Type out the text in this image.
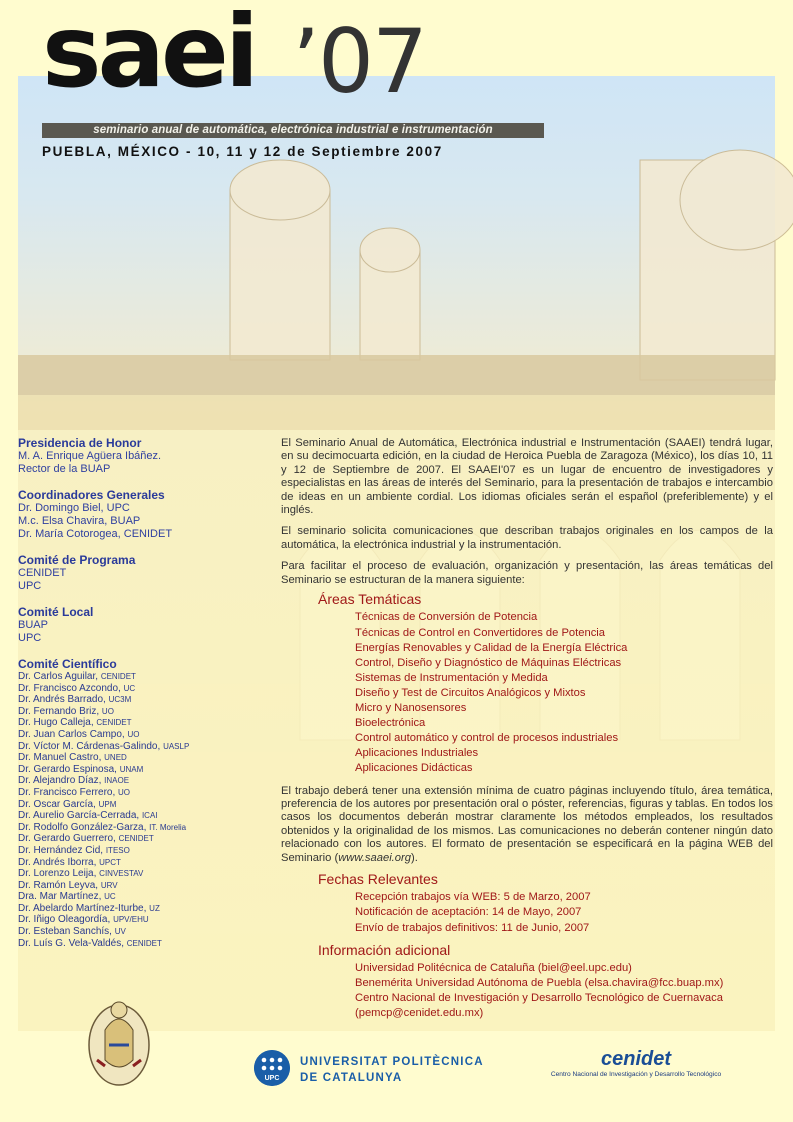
saei ’07
seminario anual de automática, electrónica industrial e instrumentación
PUEBLA, MÉXICO - 10, 11 y 12 de Septiembre 2007
Presidencia de Honor
M. A. Enrique Agüera Ibáñez.
Rector de la BUAP
Coordinadores Generales
Dr. Domingo Biel, UPC
M.c. Elsa Chavira, BUAP
Dr. María Cotorogea, CENIDET
Comité de Programa
CENIDET
UPC
Comité Local
BUAP
UPC
Comité Científico
Dr. Carlos Aguilar, CENIDET
Dr. Francisco Azcondo, UC
Dr. Andrés Barrado, UC3M
Dr. Fernando Briz, UO
Dr. Hugo Calleja, CENIDET
Dr. Juan Carlos Campo, UO
Dr. Víctor M. Cárdenas-Galindo, UASLP
Dr. Manuel Castro, UNED
Dr. Gerardo Espinosa, UNAM
Dr. Alejandro Díaz, INAOE
Dr. Francisco Ferrero, UO
Dr. Oscar García, UPM
Dr. Aurelio García-Cerrada, ICAI
Dr. Rodolfo González-Garza, IT. Morelia
Dr. Gerardo Guerrero, CENIDET
Dr. Hernández Cid, ITESO
Dr. Andrés Iborra, UPCT
Dr. Lorenzo Leija, CINVESTAV
Dr. Ramón Leyva, URV
Dra. Mar Martínez, UC
Dr. Abelardo Martínez-Iturbe, UZ
Dr. Iñigo Oleagordía, UPV/EHU
Dr. Esteban Sanchís, UV
Dr. Luís G. Vela-Valdés, CENIDET

El Seminario Anual de Automática, Electrónica industrial e Instrumentación (SAAEI) tendrá lugar, en su decimocuarta edición, en la ciudad de Heroica Puebla de Zaragoza (México), los días 10, 11 y 12 de Septiembre de 2007. El SAAEI'07 es un lugar de encuentro de investigadores y especialistas en las áreas de interés del Seminario, para la presentación de trabajos e intercambio de ideas en un ambiente cordial. Los idiomas oficiales serán el español (preferiblemente) y el inglés.

El seminario solicita comunicaciones que describan trabajos originales en los campos de la automática, la electrónica industrial y la instrumentación.

Para facilitar el proceso de evaluación, organización y presentación, las áreas temáticas del Seminario se estructuran de la manera siguiente:

Áreas Temáticas
Técnicas de Conversión de Potencia
Técnicas de Control en Convertidores de Potencia
Energías Renovables y Calidad de la Energía Eléctrica
Control, Diseño y Diagnóstico de Máquinas Eléctricas
Sistemas de Instrumentación y Medida
Diseño y Test de Circuitos Analógicos y Mixtos
Micro y Nanosensores
Bioelectrónica
Control automático y control de procesos industriales
Aplicaciones Industriales
Aplicaciones Didácticas

El trabajo deberá tener una extensión mínima de cuatro páginas incluyendo título, área temática, preferencia de los autores por presentación oral o póster, referencias, figuras y tablas. En todos los casos los documentos deberán mostrar claramente los métodos empleados, los resultados obtenidos y la originalidad de los mismos. Las comunicaciones no deberán contener ningún dato relacionado con los autores. El formato de presentación se especificará en la página WEB del Seminario (www.saaei.org).

Fechas Relevantes
Recepción trabajos vía WEB: 5 de Marzo, 2007
Notificación de aceptación: 14 de Mayo, 2007
Envío de trabajos definitivos: 11 de Junio, 2007
Información adicional
Universidad Politécnica de Cataluña (biel@eel.upc.edu)
Benemérita Universidad Autónoma de Puebla (elsa.chavira@fcc.buap.mx)
Centro Nacional de Investigación y Desarrollo Tecnológico de Cuernavaca
(pemcp@cenidet.edu.mx)
UPC
UNIVERSITAT POLITÈCNICA
DE CATALUNYA
cenidet
Centro Nacional de Investigación y Desarrollo Tecnológico
